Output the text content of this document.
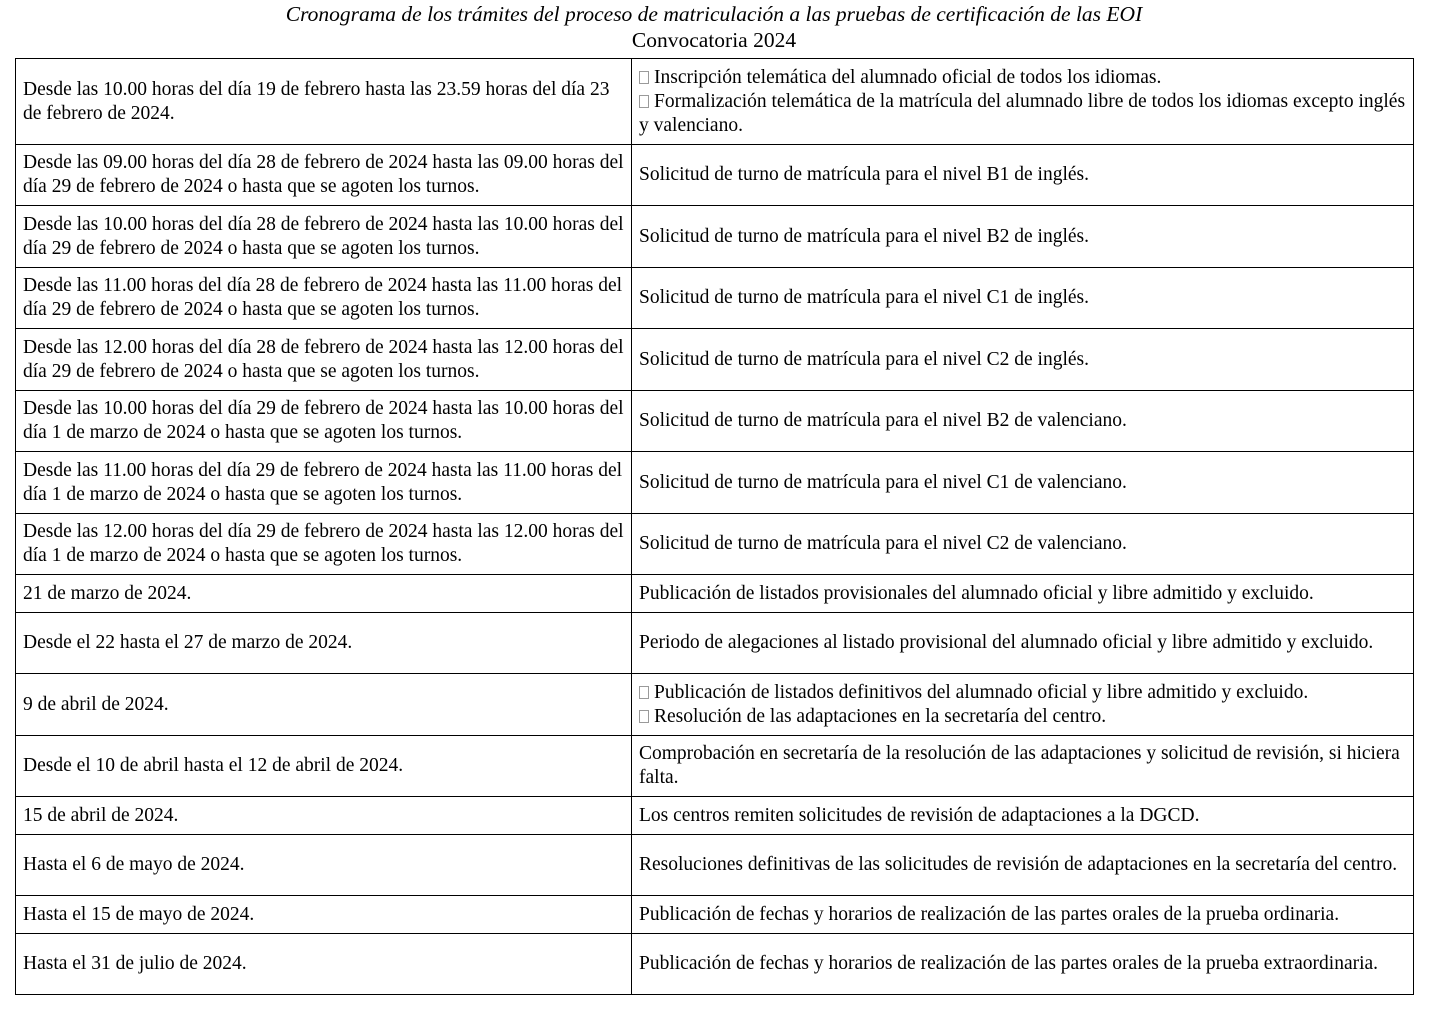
Cronograma de los trámites del proceso de matriculación a las pruebas de certificación de las EOI
Convocatoria 2024
Desde las 10.00 horas del día 19 de febrero hasta las 23.59 horas del día 23 de febrero de 2024.	Inscripción telemática del alumnado oficial de todos los idiomas.
Formalización telemática de la matrícula del alumnado libre de todos los idiomas excepto inglés y valenciano.

Desde las 09.00 horas del día 28 de febrero de 2024 hasta las 09.00 horas del día 29 de febrero de 2024 o hasta que se agoten los turnos.	Solicitud de turno de matrícula para el nivel B1 de inglés.
Desde las 10.00 horas del día 28 de febrero de 2024 hasta las 10.00 horas del día 29 de febrero de 2024 o hasta que se agoten los turnos.	Solicitud de turno de matrícula para el nivel B2 de inglés.
Desde las 11.00 horas del día 28 de febrero de 2024 hasta las 11.00 horas del día 29 de febrero de 2024 o hasta que se agoten los turnos.	Solicitud de turno de matrícula para el nivel C1 de inglés.
Desde las 12.00 horas del día 28 de febrero de 2024 hasta las 12.00 horas del día 29 de febrero de 2024 o hasta que se agoten los turnos.	Solicitud de turno de matrícula para el nivel C2 de inglés.
Desde las 10.00 horas del día 29 de febrero de 2024 hasta las 10.00 horas del día 1 de marzo de 2024 o hasta que se agoten los turnos.	Solicitud de turno de matrícula para el nivel B2 de valenciano.
Desde las 11.00 horas del día 29 de febrero de 2024 hasta las 11.00 horas del día 1 de marzo de 2024 o hasta que se agoten los turnos.	Solicitud de turno de matrícula para el nivel C1 de valenciano.
Desde las 12.00 horas del día 29 de febrero de 2024 hasta las 12.00 horas del día 1 de marzo de 2024 o hasta que se agoten los turnos.	Solicitud de turno de matrícula para el nivel C2 de valenciano.
21 de marzo de 2024.	Publicación de listados provisionales del alumnado oficial y libre admitido y excluido.
Desde el 22 hasta el 27 de marzo de 2024.	Periodo de alegaciones al listado provisional del alumnado oficial y libre admitido y excluido.
9 de abril de 2024.	Publicación de listados definitivos del alumnado oficial y libre admitido y excluido.
Resolución de las adaptaciones en la secretaría del centro.

Desde el 10 de abril hasta el 12 de abril de 2024.	Comprobación en secretaría de la resolución de las adaptaciones y solicitud de revisión, si hiciera falta.
15 de abril de 2024.	Los centros remiten solicitudes de revisión de adaptaciones a la DGCD.
Hasta el 6 de mayo de 2024.	Resoluciones definitivas de las solicitudes de revisión de adaptaciones en la secretaría del centro.
Hasta el 15 de mayo de 2024.	Publicación de fechas y horarios de realización de las partes orales de la prueba ordinaria.
Hasta el 31 de julio de 2024.	Publicación de fechas y horarios de realización de las partes orales de la prueba extraordinaria.
